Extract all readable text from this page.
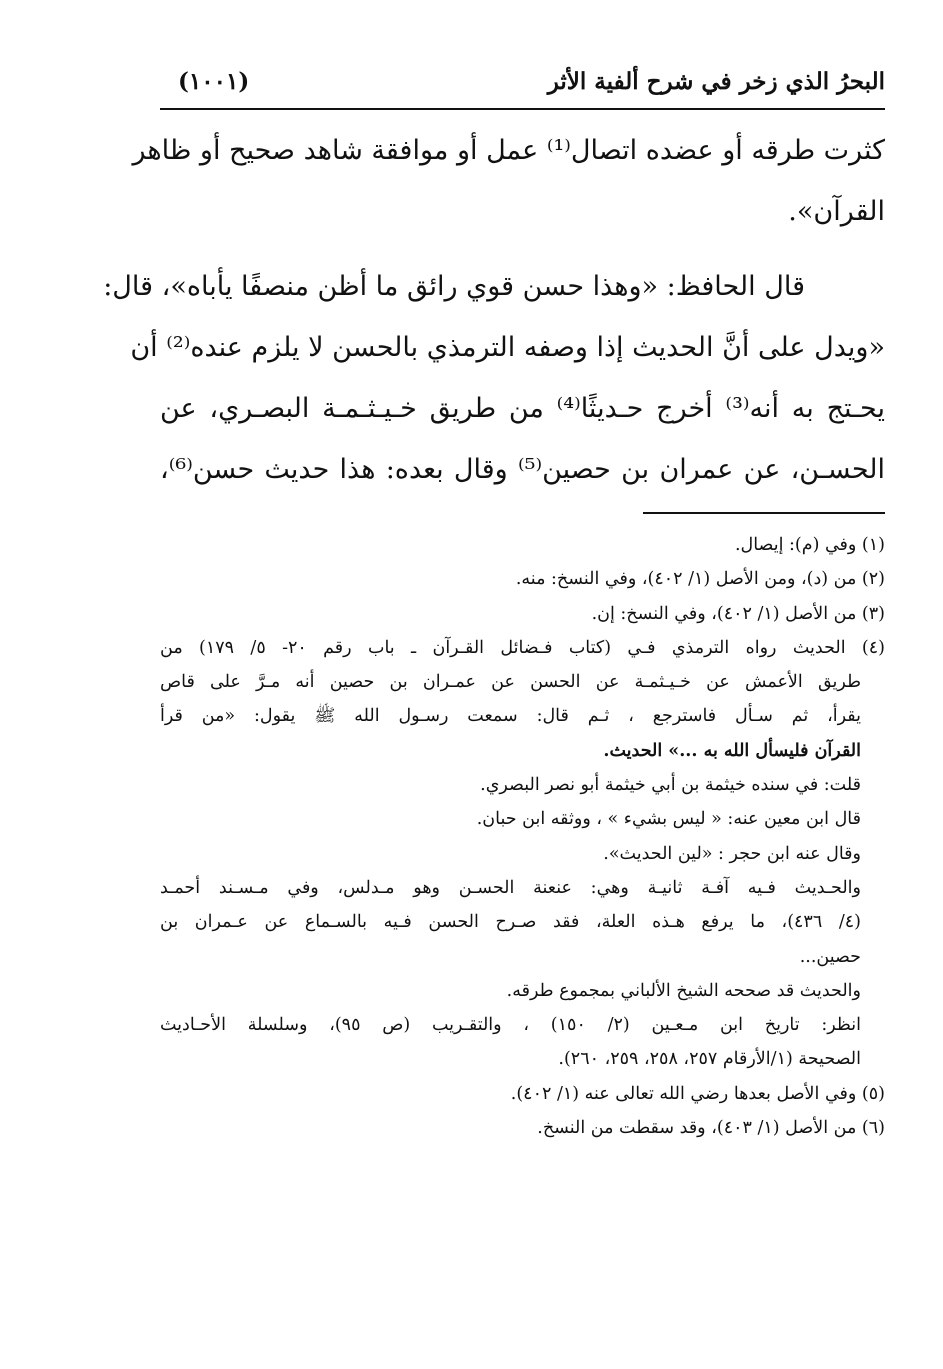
البحرُ الذي زخر في شرح ألفية الأثر
(١٠٠١)
كثرت طرقه أو عضده اتصال⁽¹⁾ عمل أو موافقة شاهد صحيح أو ظاهر
القرآن».
قال الحافظ: «وهذا حسن قوي رائق ما أظن منصفًا يأباه»، قال:
«ويدل على أنَّ الحديث إذا وصفه الترمذي بالحسن لا يلزم عنده⁽²⁾ أن
يحـتج به أنه⁽³⁾ أخرج حـديثًا⁽⁴⁾ من طريق خـيـثـمـة البصـري، عن
الحسـن، عن عمران بن حصين⁽⁵⁾ وقال بعده: هذا حديث حسن⁽⁶⁾،
(١) وفي (م): إيصال.
(٢) من (د)، ومن الأصل (١/ ٤٠٢)، وفي النسخ: منه.
(٣) من الأصل (١/ ٤٠٢)، وفي النسخ: إن.
(٤) الحديث رواه الترمذي فـي (كتاب فـضائل القـرآن ـ باب رقم ٢٠- ٥/ ١٧٩) من
طريق الأعمش عن خـيـثمـة عن الحسن عن عمـران بن حصين أنه مـرَّ على قاص
يقرأ، ثم سـأل فاسترجع ، ثـم قال: سمعت رسـول الله ﷺ يقول: «من قرأ
القرآن فليسأل الله به ...» الحديث.
قلت: في سنده خيثمة بن أبي خيثمة أبو نصر البصري.
قال ابن معين عنه: « ليس بشيء » ، ووثقه ابن حبان.
وقال عنه ابن حجر : «لين الحديث».
والحـديث فـيه آفـة ثانيـة وهي: عنعنة الحسـن وهو مـدلس، وفي مـسـند أحمـد
(٤/ ٤٣٦)، ما يرفع هـذه العلة، فقد صـرح الحسن فـيه بالسـماع عن عـمران بن
حصين...
والحديث قد صححه الشيخ الألباني بمجموع طرقه.
انظر: تاريخ ابن مـعـين (٢/ ١٥٠) ، والتقـريب (ص ٩٥)، وسلسلة الأحـاديث
الصحيحة (١/الأرقام ٢٥٧، ٢٥٨، ٢٥٩، ٢٦٠).
(٥) وفي الأصل بعدها رضي الله تعالى عنه (١/ ٤٠٢).
(٦) من الأصل (١/ ٤٠٣)، وقد سقطت من النسخ.
